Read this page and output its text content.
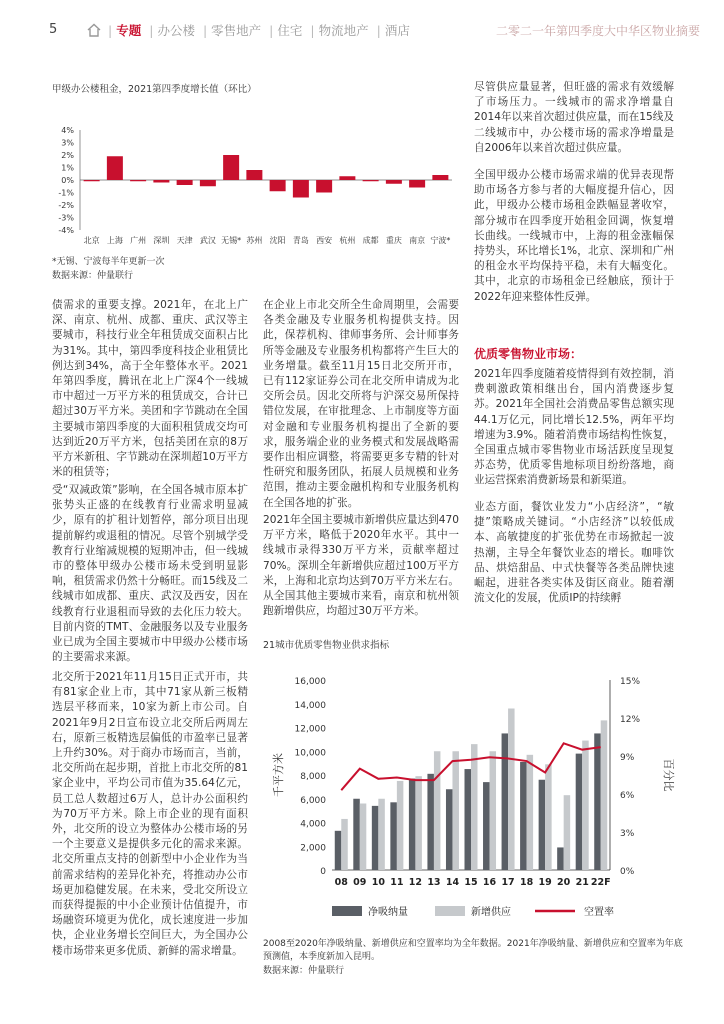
5	| 专题 | 办公楼 | 零售地产 | 住宅 | 物流地产 | 酒店	二零二一年第四季度大中华区物业摘要
甲级办公楼租金，2021第四季度增长值（环比）
4%
3%
2%
1%
0%
-1%
-2%
-3%
-4%
北京 上海 广州 深圳 天津 武汉 无锡* 苏州 沈阳 青岛 西安 杭州 成都 重庆 南京 宁波*
*无锡、宁波每半年更新一次
数据来源：仲量联行

尽管供应量显著，但旺盛的需求有效缓解了市场压力。一线城市的需求净增量自2014年以来首次超过供应量，而在15线及二线城市中，办公楼市场的需求净增量是自2006年以来首次超过供应量。

全国甲级办公楼市场需求端的优异表现帮助市场各方参与者的大幅度提升信心，因此，甲级办公楼市场租金跌幅显著收窄，部分城市在四季度开始租金回调，恢复增长曲线。一线城市中，上海的租金涨幅保持势头，环比增长1%，北京、深圳和广州的租金水平均保持平稳，未有大幅变化。其中，北京的市场租金已经触底，预计于2022年迎来整体性反弹。

债需求的重要支撑。2021年，在北上广深、南京、杭州、成都、重庆、武汉等主要城市，科技行业全年租赁成交面积占比为31%。其中，第四季度科技企业租赁比例达到34%，高于全年整体水平。2021年第四季度，腾讯在北上广深4个一线城市中超过一万平方米的租赁成交，合计已超过30万平方米。美团和字节跳动在全国主要城市第四季度的大面积租赁成交均可达到近20万平方米，包括美团在京的8万平方米新租、字节跳动在深圳超10万平方米的租赁等；

受“双减政策”影响，在全国各城市原本扩张势头正盛的在线教育行业需求明显减少，原有的扩租计划暂停，部分项目出现提前解约或退租的情况。尽管个别城学受教育行业缩减规模的短期冲击，但一线城市的整体甲级办公楼市场未受到明显影响，租赁需求仍然十分畅旺。而15线及二线城市如成都、重庆、武汉及西安，因在线教育行业退租而导致的去化压力较大。目前内资的TMT、金融服务以及专业服务业已成为全国主要城市中甲级办公楼市场的主要需求来源。

北交所于2021年11月15日正式开市，共有81家企业上市，其中71家从新三板精选层平移而来，10家为新上市公司。自2021年9月2日宣布设立北交所后两周左右，原新三板精选层偏低的市盈率已显著上升约30%。对于商办市场而言，当前，北交所尚在起步期，首批上市北交所的81家企业中，平均公司市值为35.64亿元，员工总人数超过6万人，总计办公面积约为70万平方米。除上市企业的现有面积外，北交所的设立为整体办公楼市场的另一个主要意义是提供多元化的需求来源。北交所重点支持的创新型中小企业作为当前需求结构的差异化补充，将推动办公市场更加稳健发展。在未来，受北交所设立而获得提振的中小企业预计估值提升，市场融资环境更为优化，成长速度进一步加快，企业业务增长空间巨大，为全国办公楼市场带来更多优质、新鲜的需求增量。

在企业上市北交所全生命周期里，会需要各类金融及专业服务机构提供支持。因此，保荐机构、律师事务所、会计师事务所等金融及专业服务机构都将产生巨大的业务增量。截至11月15日北交所开市，已有112家证券公司在北交所申请成为北交所会员。因北交所将与沪深交易所保持错位发展，在审批理念、上市制度等方面对金融和专业服务机构提出了全新的要求，服务端企业的业务模式和发展战略需要作出相应调整，将需要更多专精的针对性研究和服务团队，拓展人员规模和业务范围，推动主要金融机构和专业服务机构在全国各地的扩张。

2021年全国主要城市新增供应量达到470万平方米，略低于2020年水平。其中一线城市录得330万平方米，贡献率超过70%。深圳全年新增供应超过100万平方米，上海和北京均达到70万平方米左右。从全国其他主要城市来看，南京和杭州领跑新增供应，均超过30万平方米。

优质零售物业市场：

2021年四季度随着疫情得到有效控制，消费刺激政策相继出台，国内消费逐步复苏。2021年全国社会消费品零售总额实现44.1万亿元，同比增长12.5%，两年平均增速为3.9%。随着消费市场结构性恢复，全国重点城市零售物业市场活跃度呈现复苏态势，优质零售地标项目纷纷落地，商业运营探索消费新场景和新渠道。

业态方面，餐饮业发力“小店经济”，“敏捷”策略成关键词。“小店经济”以较低成本、高敏捷度的扩张优势在市场掀起一波热潮，主导全年餐饮业态的增长。咖啡饮品、烘焙甜品、中式快餐等各类品牌快速崛起，进驻各类实体及街区商业。随着潮流文化的发展，优质IP的持续孵

21城市优质零售物业供求指标
16,000
14,000
12,000
10,000
8,000
6,000
4,000
2,000
0
15%
12%
9%
6%
3%
0%
千平方米	百分比
08 09 10 11 12 13 14 15 16 17 18 19 20 21 22F
净吸纳量	新增供应	空置率
2008至2020年净吸纳量、新增供应和空置率均为全年数据。2021年净吸纳量、新增供应和空置率为年底预测值，本季度新加入昆明。
数据来源：仲量联行
